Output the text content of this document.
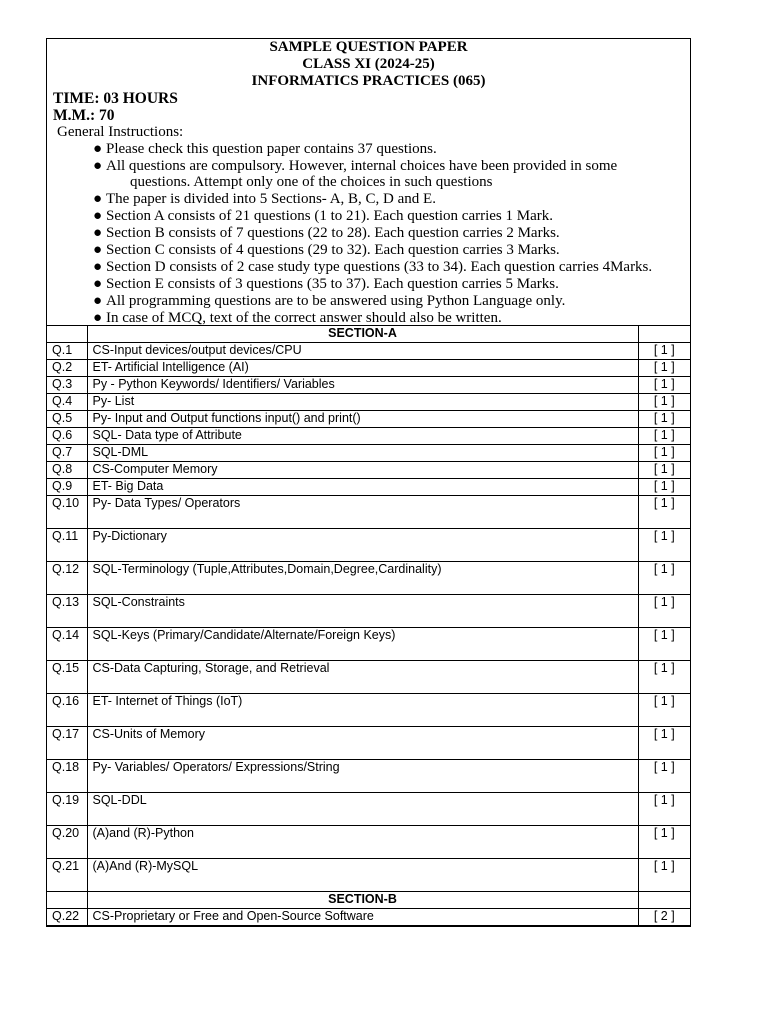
SAMPLE QUESTION PAPER
CLASS XI (2024-25)
INFORMATICS PRACTICES (065)
TIME: 03 HOURS
M.M.: 70
General Instructions:
● Please check this question paper contains 37 questions.
● All questions are compulsory. However, internal choices have been provided in some
questions. Attempt only one of the choices in such questions
● The paper is divided into 5 Sections- A, B, C, D and E.
● Section A consists of 21 questions (1 to 21). Each question carries 1 Mark.
● Section B consists of 7 questions (22 to 28). Each question carries 2 Marks.
● Section C consists of 4 questions (29 to 32). Each question carries 3 Marks.
● Section D consists of 2 case study type questions (33 to 34). Each question carries 4Marks.
● Section E consists of 3 questions (35 to 37). Each question carries 5 Marks.
● All programming questions are to be answered using Python Language only.
● In case of MCQ, text of the correct answer should also be written.
	SECTION-A	
Q.1	CS-Input devices/output devices/CPU	[ 1 ]
Q.2	ET- Artificial Intelligence (AI)	[ 1 ]
Q.3	Py - Python Keywords/ Identifiers/ Variables	[ 1 ]
Q.4	Py- List	[ 1 ]
Q.5	Py- Input and Output functions input() and print()	[ 1 ]
Q.6	SQL- Data type of Attribute	[ 1 ]
Q.7	SQL-DML	[ 1 ]
Q.8	CS-Computer Memory	[ 1 ]
Q.9	ET- Big Data	[ 1 ]
Q.10	Py- Data Types/ Operators	[ 1 ]
Q.11	Py-Dictionary	[ 1 ]
Q.12	SQL-Terminology (Tuple,Attributes,Domain,Degree,Cardinality)	[ 1 ]
Q.13	SQL-Constraints	[ 1 ]
Q.14	SQL-Keys (Primary/Candidate/Alternate/Foreign Keys)	[ 1 ]
Q.15	CS-Data Capturing, Storage, and Retrieval	[ 1 ]
Q.16	ET- Internet of Things (IoT)	[ 1 ]
Q.17	CS-Units of Memory	[ 1 ]
Q.18	Py- Variables/ Operators/ Expressions/String	[ 1 ]
Q.19	SQL-DDL	[ 1 ]
Q.20	(A)and (R)-Python	[ 1 ]
Q.21	(A)And (R)-MySQL	[ 1 ]
	SECTION-B	
Q.22	CS-Proprietary or Free and Open-Source Software	[ 2 ]
